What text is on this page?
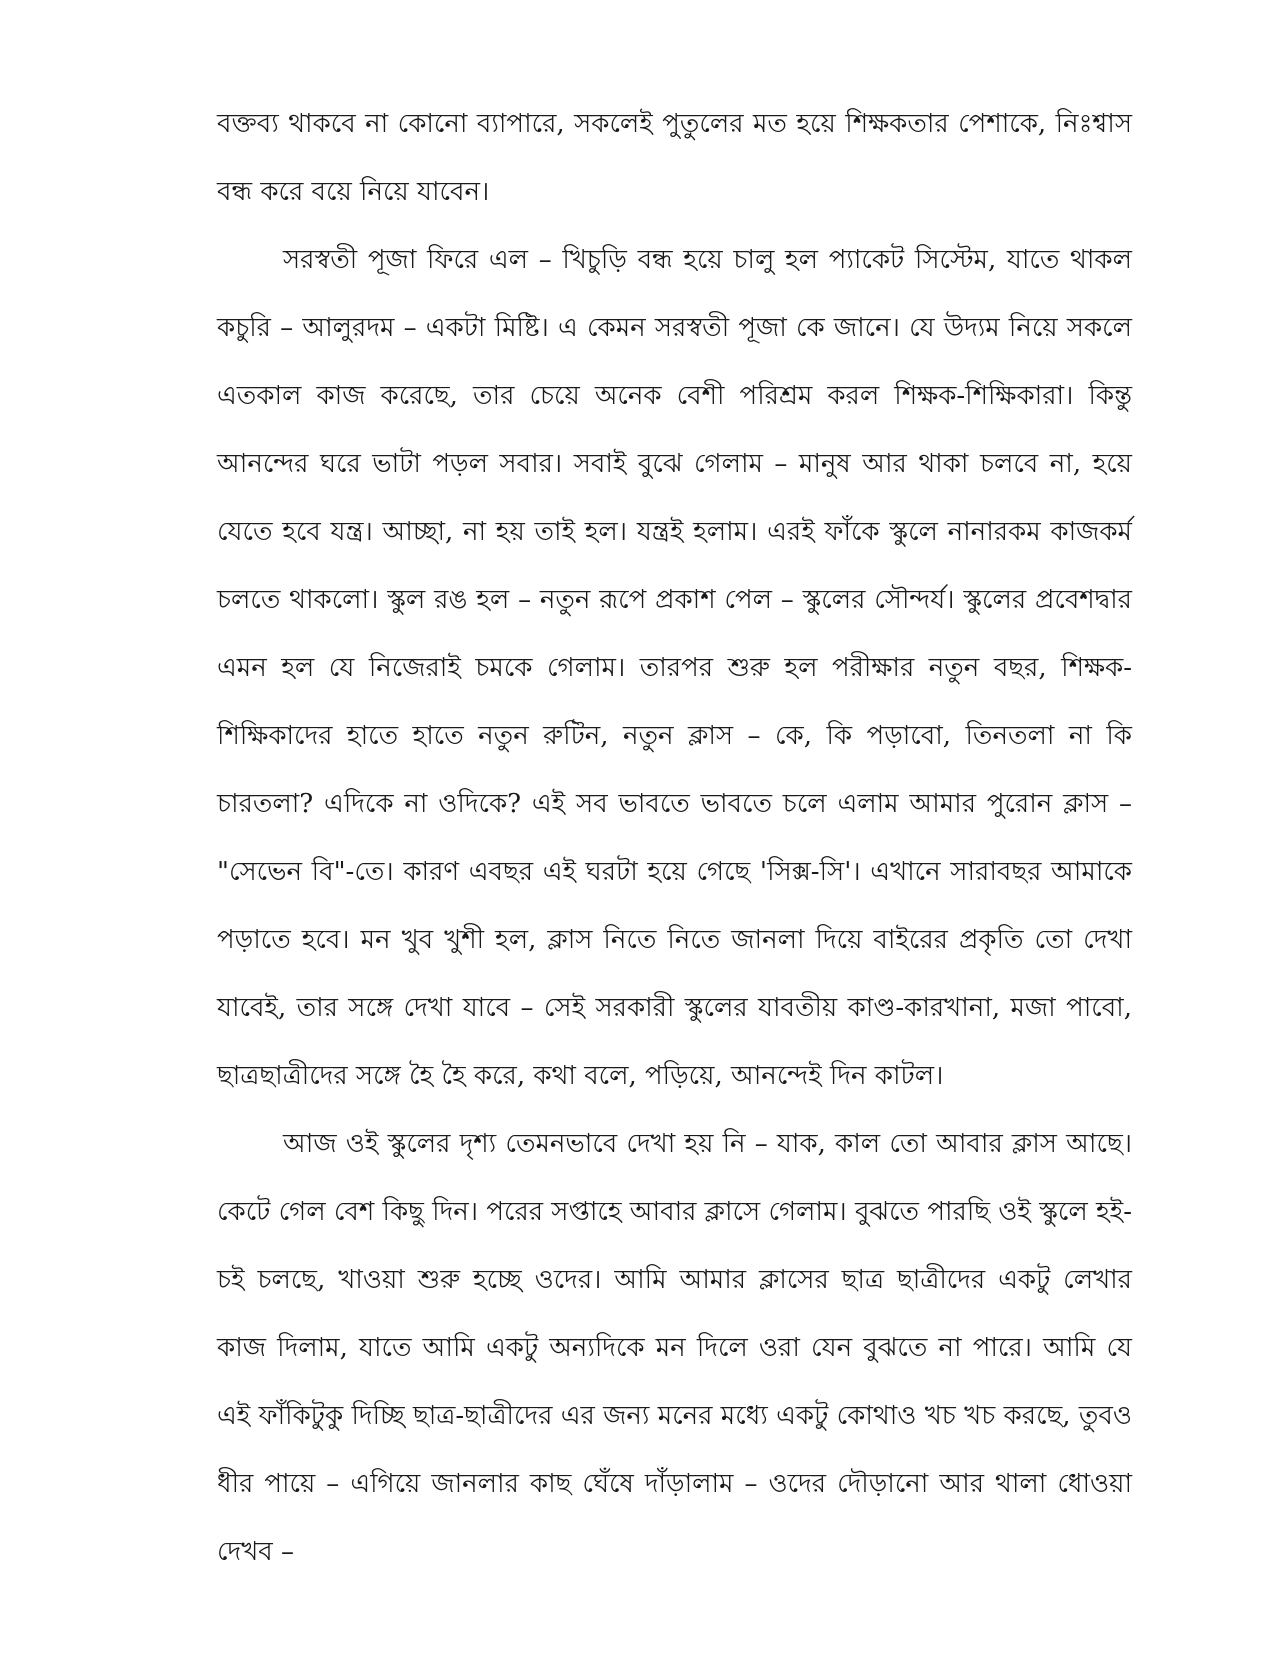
বক্তব্য থাকবে না কোনো ব্যাপারে, সকলেই পুতুলের মত হয়ে শিক্ষকতার পেশাকে, নিঃশ্বাস বন্ধ করে বয়ে নিয়ে যাবেন।

সরস্বতী পূজা ফিরে এল – খিচুড়ি বন্ধ হয়ে চালু হল প্যাকেট সিস্টেম, যাতে থাকল কচুরি – আলুরদম – একটা মিষ্টি। এ কেমন সরস্বতী পূজা কে জানে। যে উদ্যম নিয়ে সকলে এতকাল কাজ করেছে, তার চেয়ে অনেক বেশী পরিশ্রম করল শিক্ষক-শিক্ষিকারা। কিন্তু আনন্দের ঘরে ভাটা পড়ল সবার। সবাই বুঝে গেলাম – মানুষ আর থাকা চলবে না, হয়ে যেতে হবে যন্ত্র। আচ্ছা, না হয় তাই হল। যন্ত্রই হলাম। এরই ফাঁকে স্কুলে নানারকম কাজকর্ম চলতে থাকলো। স্কুল রঙ হল – নতুন রূপে প্রকাশ পেল – স্কুলের সৌন্দর্য। স্কুলের প্রবেশদ্বার এমন হল যে নিজেরাই চমকে গেলাম। তারপর শুরু হল পরীক্ষার নতুন বছর, শিক্ষক-শিক্ষিকাদের হাতে হাতে নতুন রুটিন, নতুন ক্লাস – কে, কি পড়াবো, তিনতলা না কি চারতলা? এদিকে না ওদিকে? এই সব ভাবতে ভাবতে চলে এলাম আমার পুরোন ক্লাস – "সেভেন বি"-তে। কারণ এবছর এই ঘরটা হয়ে গেছে 'সিক্স-সি'। এখানে সারাবছর আমাকে পড়াতে হবে। মন খুব খুশী হল, ক্লাস নিতে নিতে জানলা দিয়ে বাইরের প্রকৃতি তো দেখা যাবেই, তার সঙ্গে দেখা যাবে – সেই সরকারী স্কুলের যাবতীয় কাণ্ড-কারখানা, মজা পাবো, ছাত্রছাত্রীদের সঙ্গে হৈ হৈ করে, কথা বলে, পড়িয়ে, আনন্দেই দিন কাটল।

আজ ওই স্কুলের দৃশ্য তেমনভাবে দেখা হয় নি – যাক, কাল তো আবার ক্লাস আছে। কেটে গেল বেশ কিছু দিন। পরের সপ্তাহে আবার ক্লাসে গেলাম। বুঝতে পারছি ওই স্কুলে হই-চই চলছে, খাওয়া শুরু হচ্ছে ওদের। আমি আমার ক্লাসের ছাত্র ছাত্রীদের একটু লেখার কাজ দিলাম, যাতে আমি একটু অন্যদিকে মন দিলে ওরা যেন বুঝতে না পারে। আমি যে এই ফাঁকিটুকু দিচ্ছি ছাত্র-ছাত্রীদের এর জন্য মনের মধ্যে একটু কোথাও খচ খচ করছে, তুবও ধীর পায়ে – এগিয়ে জানলার কাছ ঘেঁষে দাঁড়ালাম – ওদের দৌড়ানো আর থালা ধোওয়া দেখব –
